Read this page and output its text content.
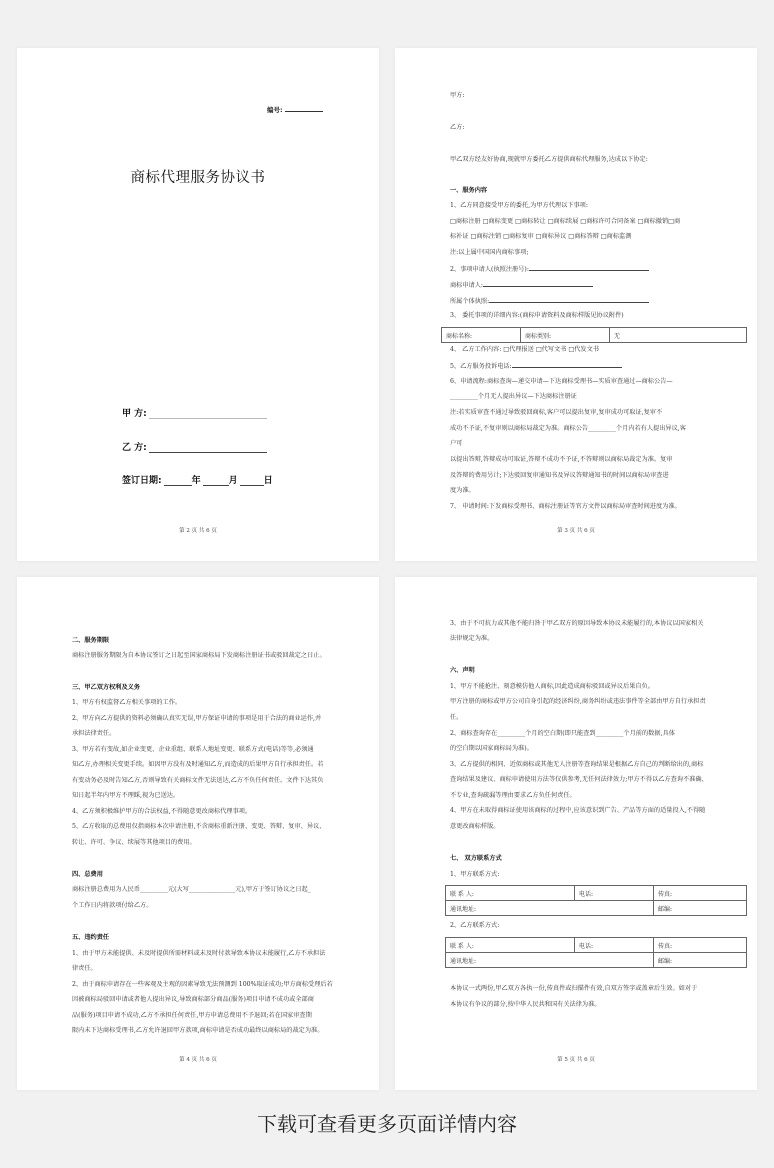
编号:
商标代理服务协议书
甲 方:
乙 方:
签订日期:	年	月	日
第 2 页 共 6 页
甲方:
乙方:
甲乙双方经友好协商,现就甲方委托乙方提供商标代理服务,达成以下协定:
一、服务内容
1、乙方同意接受甲方的委托,为甲方代理以下事项:
□商标注册 □商标变更 □商标转让 □商标续展 □商标许可合同备案 □商标撤销□商
标补证 □商标注销 □商标复审 □商标异议 □商标答辩 □商标监测
注:以上属中国国内商标事项;
2、事项申请人(执照注册号):
商标申请人:
所属个体执照:
3、 委托事项的详细内容:(商标申请资料及商标样版见协议附件)
商标名称:	商标类别:	无
4、 乙方工作内容: □代理报送 □代写文书 □代发文书
5、乙方服务投诉电话:
6、申请流程:商标查询—递交申请—下达商标受理书—实质审查通过—商标公告—
_________个月无人提出异议—下达商标注册证
注:若实质审查不通过导致驳回商标,客户可以提出复审,复审成功可取证,复审不
成功不予证,不复审则以商标局裁定为准。商标公告_________个月内若有人提出异议,客
户可
以提出答辩,答辩成功可取证,答辩不成功不予证,不答辩则以商标局裁定为准。复审
及答辩的费用另计;下达驳回复审通知书及异议答辩通知书的时间以商标局审查进
度为准。
7、 申请时间:下发商标受理书、商标注册证等官方文件以商标局审查时间进度为准。
第 3 页 共 6 页
二、服务期限
商标注册服务期限为自本协议签订之日起至国家商标局下发商标注册证书或驳回裁定之日止。
三、甲乙双方权利及义务
1、甲方有权监督乙方相关事项的工作。
2、甲方向乙方提供的资料必须确认真实无误,甲方保证申请的事项是用于合法的商业运作,并
承担法律责任。
3、甲方若有变故,如企业变更、企业重组、联系人地址变更、联系方式(电话)等等,必须通
知乙方,办理相关变更手续。如因甲方没有及时通知乙方,而造成的后果甲方自行承担责任。若
有变动务必及时告知乙方,否则导致有关商标文件无法送达,乙方不负任何责任。文件下达其负
知日起半年内甲方不理睬,视为已送达。
4、乙方须积极维护甲方的合法权益,不得随意更改商标代理事项。
5、乙方收取的总费用仅指商标本次申请注册,不含商标重新注册、变更、答辩、复审、异议、
转让、许可、争议、续展等其他项目的费用。
四、总费用
商标注册总费用为人民币_________元(大写_______________元),甲方于签订协议之日起_
个工作日内将款项付给乙方。
五、违约责任
1、由于甲方未能提供、未及时提供所需材料或未及时付款导致本协议未能履行,乙方不承担法
律责任。
2、由于商标申请存在一些客观及主观的因素导致无法预测到 100%取证成功;甲方商标受理后若
因被商标局驳回申请或者他人提出异议,导致商标部分商品(服务)项目申请不成功或全部商
品(服务)项目申请不成功,乙方不承担任何责任,甲方申请总费用不予退回;若在国家审查期
限内未下达商标受理书,乙方允许退回甲方款项,商标申请是否成功最终以商标局的裁定为准。
第 4 页 共 6 页
3、由于不可抗力或其他不能归咎于甲乙双方的原因导致本协议未能履行的,本协议以国家相关
法律规定为准。
六、声明
1、甲方不能抢注、刻意模仿他人商标,因此造成商标驳回或异议后果自负。
甲方注册的商标或甲方公司自身引起的经济纠纷,商务纠纷或违法事件等全部由甲方自行承担责
任。
2、商标查询存在_________个月的空白期(即只能查到_________个月前的数据,具体
的空白期以国家商标局为准)。
3、乙方提供的相同、近似商标或其他无人注册等查询结果是根据乙方自己的判断给出的,商标
查询结果及建议、商标申请使用方法等仅供参考,无任何法律效力;甲方不得以乙方查询不准确、
不专业,查询疏漏等理由要求乙方负任何责任。
4、甲方在未取得商标证使用该商标的过程中,应该意识到广告、产品等方面的适量投入,不得随
意更改商标样版。
七、 双方联系方式
1、甲方联系方式:
联 系 人:	电话:	传真:
通讯地址:		邮编:
2、乙方联系方式:
联 系 人:	电话:	传真:
通讯地址:		邮编:
本协议一式两份,甲乙双方各执一份,传真件或扫描件有效,自双方签字或盖章后生效。如对于
本协议有争议的部分,按中华人民共和国有关法律为准。
第 5 页 共 6 页
下载可查看更多页面详情内容
